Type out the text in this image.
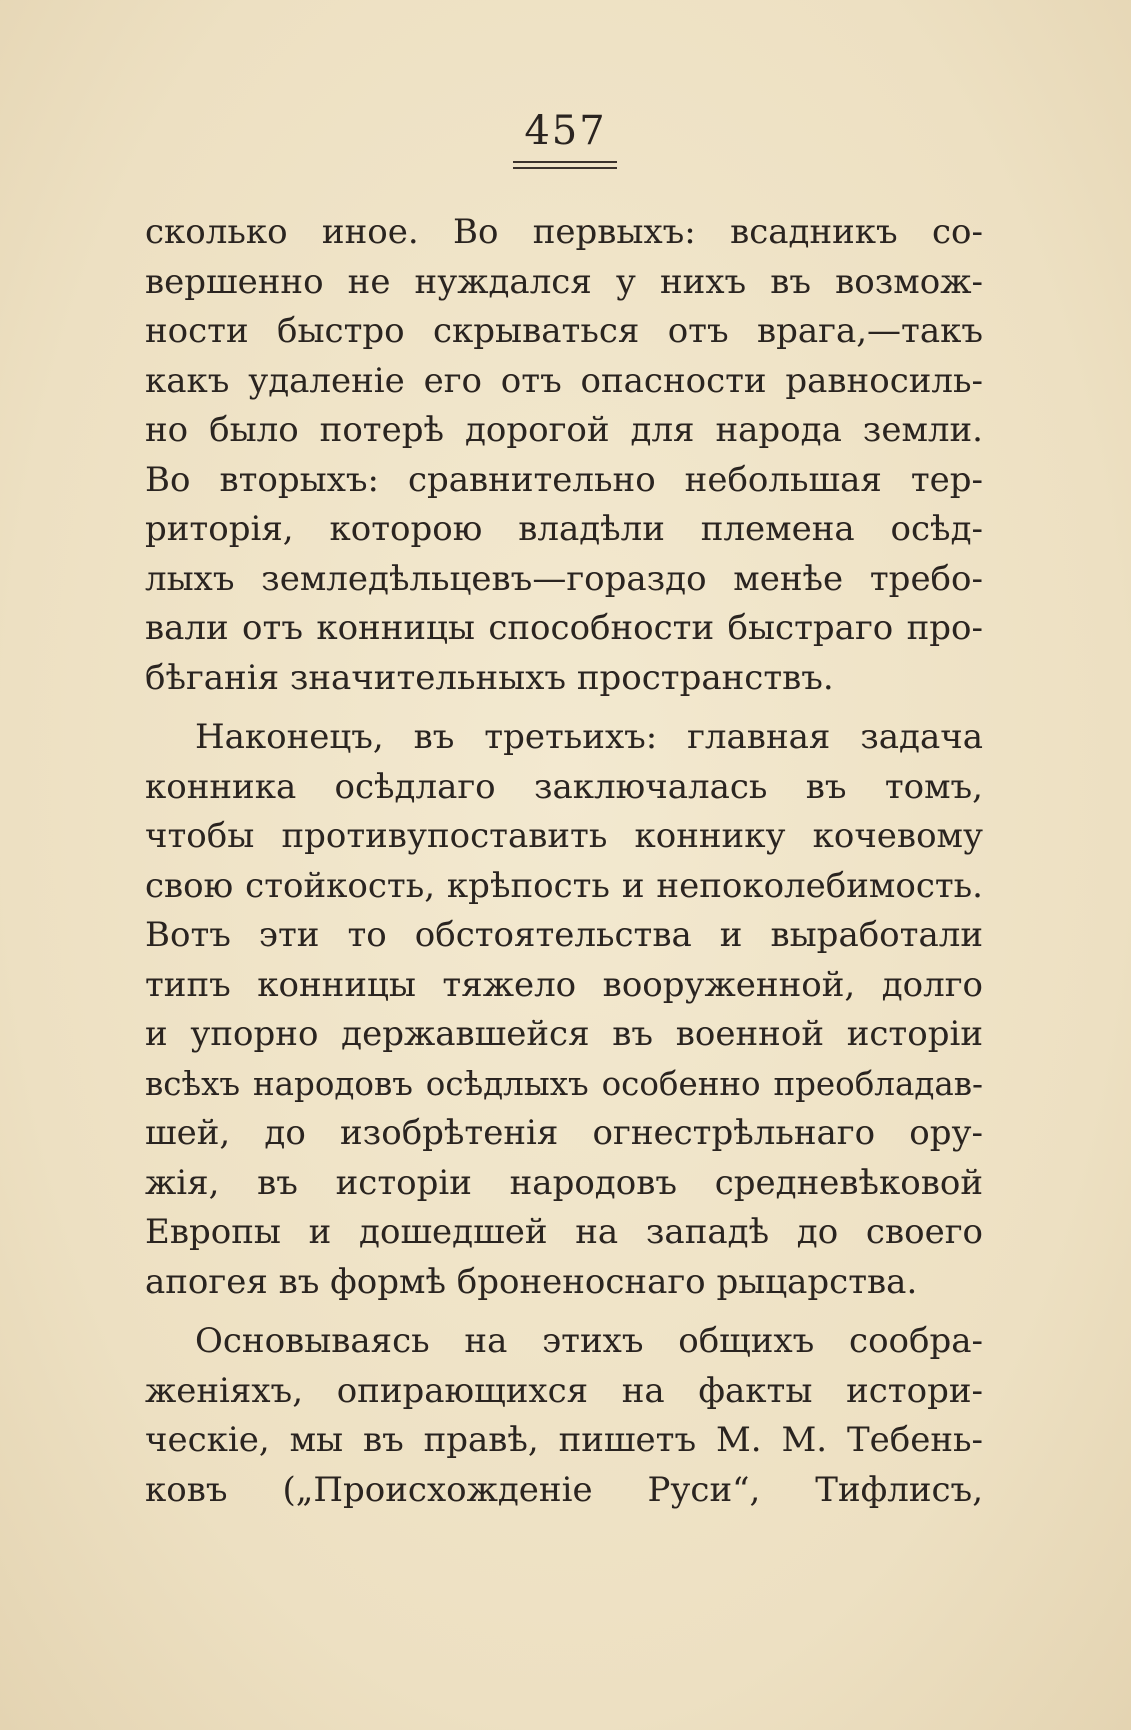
457
сколько иное. Во первыхъ: всадникъ со-
вершенно не нуждался у нихъ въ возмож-
ности быстро скрываться отъ врага,—такъ
какъ удаленіе его отъ опасности равносиль-
но было потерѣ дорогой для народа земли.
Во вторыхъ: сравнительно небольшая тер-
риторія, которою владѣли племена осѣд-
лыхъ земледѣльцевъ—гораздо менѣе требо-
вали отъ конницы способности быстраго про-
бѣганія значительныхъ пространствъ.
Наконецъ, въ третьихъ: главная задача
конника осѣдлаго заключалась въ томъ,
чтобы противупоставить коннику кочевому
свою стойкость, крѣпость и непоколебимость.
Вотъ эти то обстоятельства и выработали
типъ конницы тяжело вооруженной, долго
и упорно державшейся въ военной исторіи
всѣхъ народовъ осѣдлыхъ особенно преобладав-
шей, до изобрѣтенія огнестрѣльнаго ору-
жія, въ исторіи народовъ средневѣковой
Европы и дошедшей на западѣ до своего
апогея въ формѣ броненоснаго рыцарства.
Основываясь на этихъ общихъ сообра-
женіяхъ, опирающихся на факты истори-
ческіе, мы въ правѣ, пишетъ М. М. Тебень-
ковъ („Происхожденіе Руси“, Тифлисъ,
